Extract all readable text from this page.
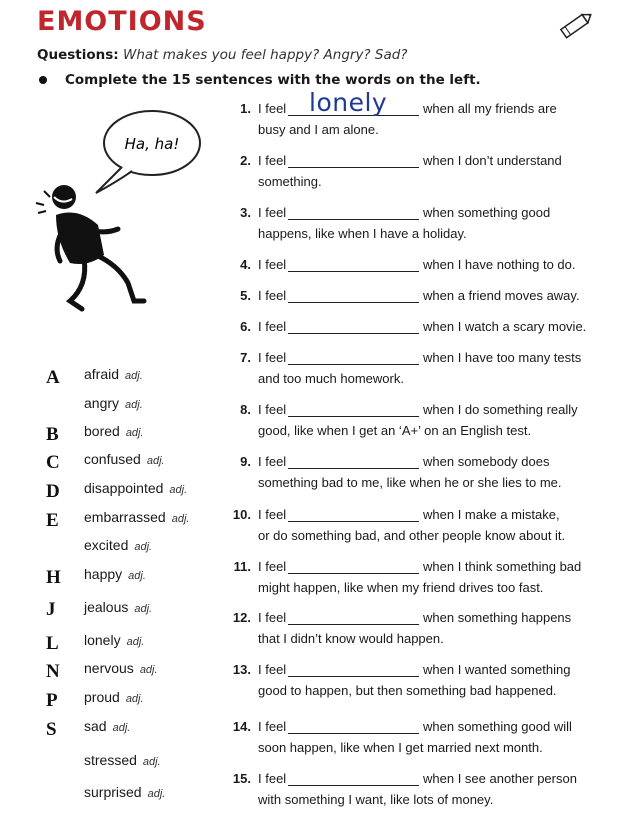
EMOTIONS
Questions: What makes you feel happy? Angry? Sad?
Complete the 15 sentences with the words on the left.
Ha, ha!
A	afraid adj.
angry adj.
B	bored adj.
C	confused adj.
D	disappointed adj.
E	embarrassed adj.
excited adj.
H	happy adj.
J	jealous adj.
L	lonely adj.
N	nervous adj.
P	proud adj.
S	sad adj.
stressed adj.
surprised adj.
1. I feel lonely	when all my friends are
busy and I am alone.
2. I feel	when I don’t understand
something.
3. I feel	when something good
happens, like when I have a holiday.
4. I feel	when I have nothing to do.
5. I feel	when a friend moves away.
6. I feel	when I watch a scary movie.
7. I feel	when I have too many tests
and too much homework.
8. I feel	when I do something really
good, like when I get an ‘A+’ on an English test.
9. I feel	when somebody does
something bad to me, like when he or she lies to me.
10. I feel	when I make a mistake,
or do something bad, and other people know about it.
11. I feel	when I think something bad
might happen, like when my friend drives too fast.
12. I feel	when something happens
that I didn’t know would happen.
13. I feel	when I wanted something
good to happen, but then something bad happened.
14. I feel	when something good will
soon happen, like when I get married next month.
15. I feel	when I see another person
with something I want, like lots of money.
